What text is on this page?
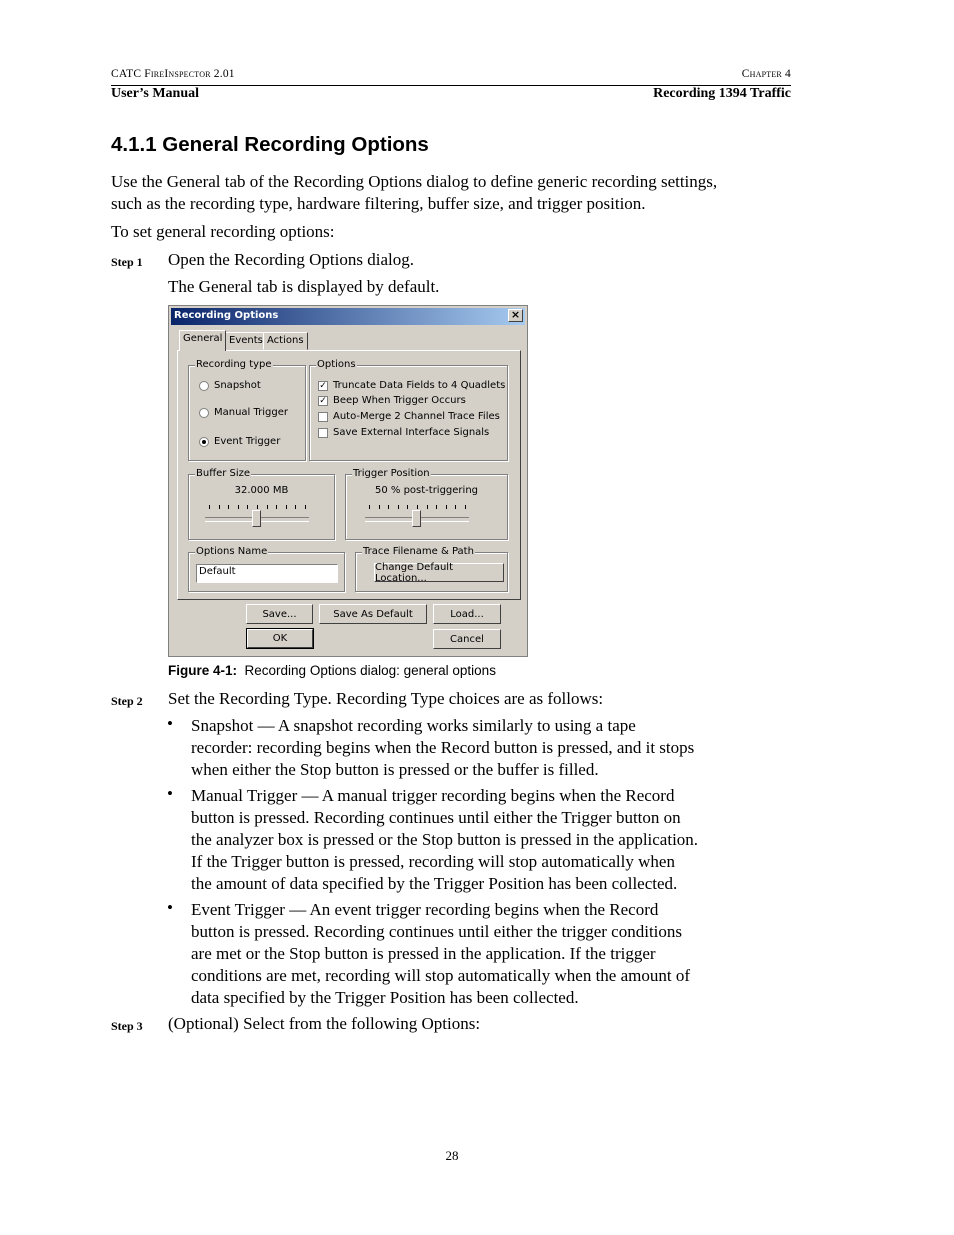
CATC FireInspector 2.01	Chapter 4
User’s Manual	Recording 1394 Traffic
4.1.1 General Recording Options

Use the General tab of the Recording Options dialog to define generic recording settings,

such as the recording type, hardware filtering, buffer size, and trigger position.

To set general recording options:

Step 1 Open the Recording Options dialog.

The General tab is displayed by default.

Recording Options	×
General Events Actions
Recording type
Snapshot
Manual Trigger
Event Trigger
Options
✓ Truncate Data Fields to 4 Quadlets
✓ Beep When Trigger Occurs
Auto-Merge 2 Channel Trace Files
Save External Interface Signals
Buffer Size
32.000 MB
Trigger Position
50 % post-triggering
Options Name
Default
Trace Filename & Path
Change Default Location...
Save...	Save As Default	Load...
OK	Cancel
Figure 4-1: Recording Options dialog: general options
Step 2 Set the Recording Type. Recording Type choices are as follows:

• Snapshot — A snapshot recording works similarly to using a tape
recorder: recording begins when the Record button is pressed, and it stops
when either the Stop button is pressed or the buffer is filled.
• Manual Trigger — A manual trigger recording begins when the Record
button is pressed. Recording continues until either the Trigger button on
the analyzer box is pressed or the Stop button is pressed in the application.
If the Trigger button is pressed, recording will stop automatically when
the amount of data specified by the Trigger Position has been collected.
• Event Trigger — An event trigger recording begins when the Record
button is pressed. Recording continues until either the trigger conditions
are met or the Stop button is pressed in the application. If the trigger
conditions are met, recording will stop automatically when the amount of
data specified by the Trigger Position has been collected.
Step 3 (Optional) Select from the following Options:

28
